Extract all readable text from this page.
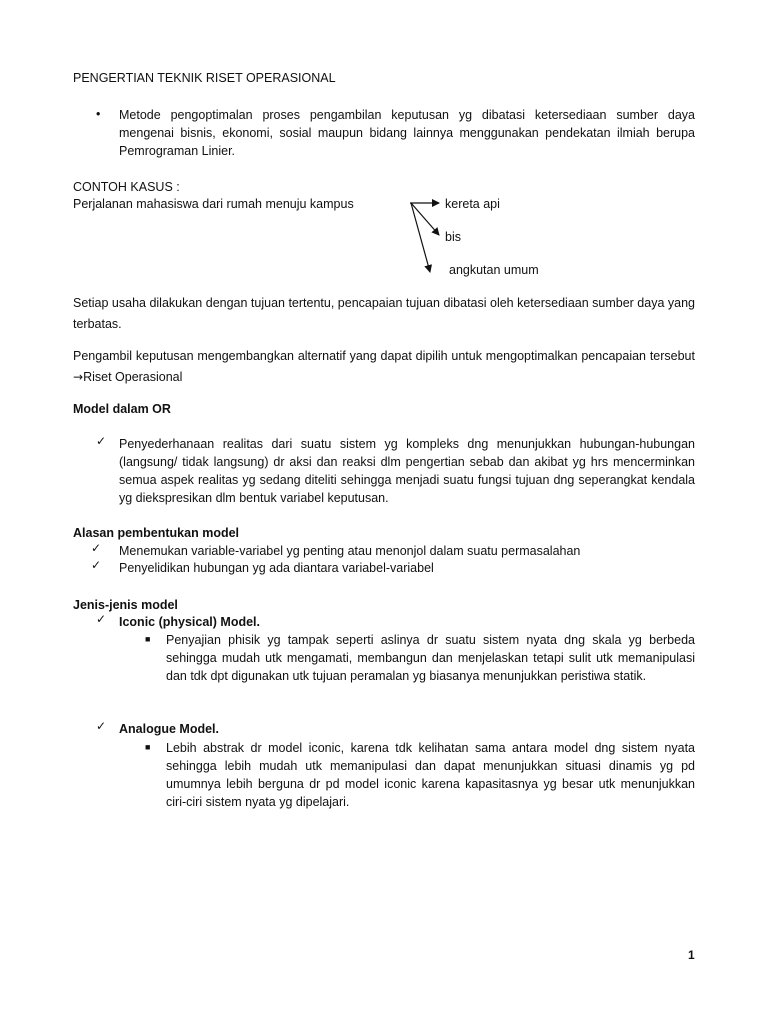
PENGERTIAN TEKNIK RISET OPERASIONAL
• Metode pengoptimalan proses pengambilan keputusan yg dibatasi ketersediaan sumber daya mengenai bisnis, ekonomi, sosial maupun bidang lainnya menggunakan pendekatan ilmiah berupa Pemrograman Linier.
CONTOH KASUS :
Perjalanan mahasiswa dari rumah menuju kampus	kereta api
bis
angkutan umum
Setiap usaha dilakukan dengan tujuan tertentu, pencapaian tujuan dibatasi oleh ketersediaan sumber daya yang terbatas.
Pengambil keputusan mengembangkan alternatif yang dapat dipilih untuk mengoptimalkan pencapaian tersebut →Riset Operasional
Model dalam OR
✓ Penyederhanaan realitas dari suatu sistem yg kompleks dng menunjukkan hubungan-hubungan (langsung/ tidak langsung) dr aksi dan reaksi dlm pengertian sebab dan akibat yg hrs mencerminkan semua aspek realitas yg sedang diteliti sehingga menjadi suatu fungsi tujuan dng seperangkat kendala yg diekspresikan dlm bentuk variabel keputusan.
Alasan pembentukan model
✓ Menemukan variable-variabel yg penting atau menonjol dalam suatu permasalahan
✓ Penyelidikan hubungan yg ada diantara variabel-variabel
Jenis-jenis model
✓ Iconic (physical) Model.
■ Penyajian phisik yg tampak seperti aslinya dr suatu sistem nyata dng skala yg berbeda sehingga mudah utk mengamati, membangun dan menjelaskan tetapi sulit utk memanipulasi dan tdk dpt digunakan utk tujuan peramalan yg biasanya menunjukkan peristiwa statik.
✓ Analogue Model.
■ Lebih abstrak dr model iconic, karena tdk kelihatan sama antara model dng sistem nyata sehingga lebih mudah utk memanipulasi dan dapat menunjukkan situasi dinamis yg pd umumnya lebih berguna dr pd model iconic karena kapasitasnya yg besar utk menunjukkan ciri-ciri sistem nyata yg dipelajari.
1
